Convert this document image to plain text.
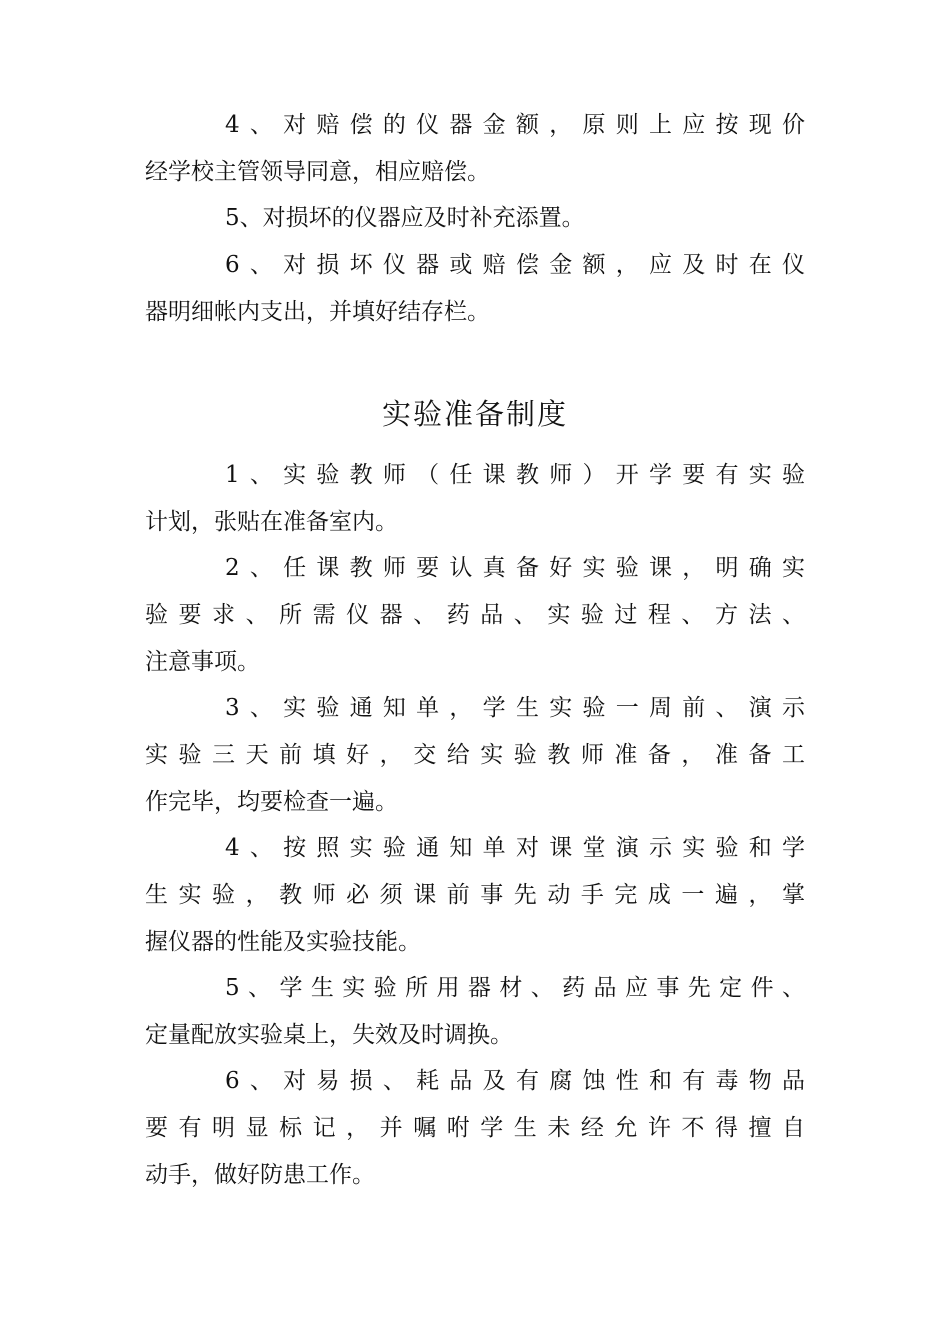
4、对赔偿的仪器金额，原则上应按现价
经学校主管领导同意，相应赔偿。
5、对损坏的仪器应及时补充添置。
6、对损坏仪器或赔偿金额，应及时在仪
器明细帐内支出，并填好结存栏。
实验准备制度
1、实验教师（任课教师）开学要有实验
计划，张贴在准备室内。
2、任课教师要认真备好实验课，明确实
验要求、所需仪器、药品、实验过程、方法、
注意事项。
3、实验通知单，学生实验一周前、演示
实验三天前填好，交给实验教师准备，准备工
作完毕，均要检查一遍。
4、按照实验通知单对课堂演示实验和学
生实验，教师必须课前事先动手完成一遍，掌
握仪器的性能及实验技能。
5、学生实验所用器材、药品应事先定件、
定量配放实验桌上，失效及时调换。
6、对易损、耗品及有腐蚀性和有毒物品
要有明显标记，并嘱咐学生未经允许不得擅自
动手，做好防患工作。
